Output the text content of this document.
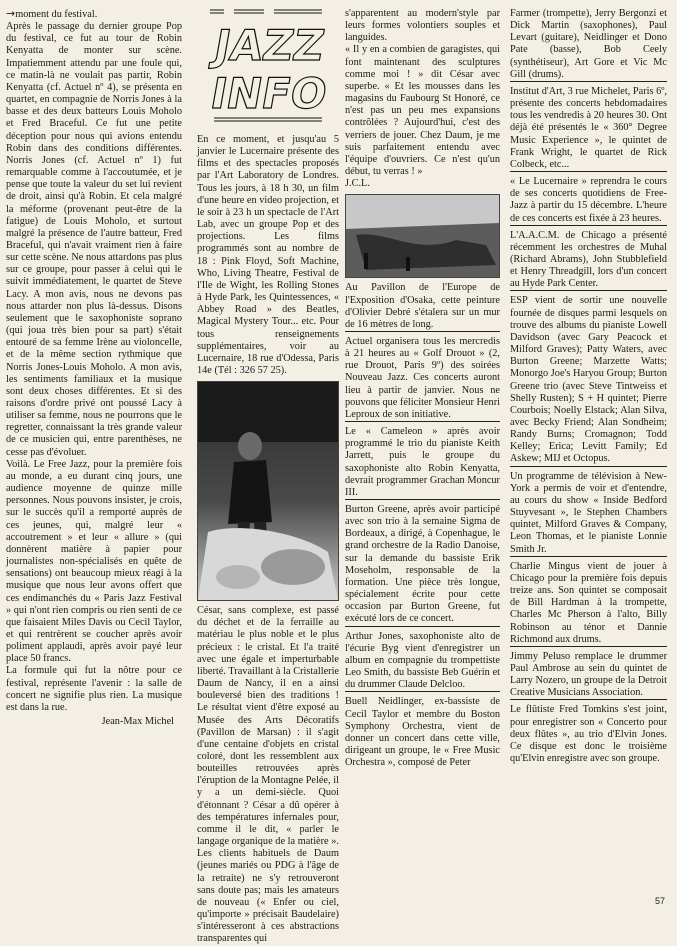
→moment du festival.

Après le passage du dernier groupe Pop du festival, ce fut au tour de Robin Kenyatta de monter sur scène. Impatiemment attendu par une foule qui, ce matin-là ne voulait pas partir, Robin Kenyatta (cf. Actuel nº 4), se présenta en quartet, en compagnie de Norris Jones à la basse et des deux batteurs Louis Moholo et Fred Braceful. Ce fut une petite déception pour nous qui avions entendu Robin dans des conditions différentes. Norris Jones (cf. Actuel nº 1) fut remarquable comme à l'accoutumée, et je pense que toute la valeur du set lui revient de droit, ainsi qu'à Robin. Et cela malgré la méforme (provenant peut-être de la fatigue) de Louis Moholo, et surtout malgré la présence de l'autre batteur, Fred Braceful, qui n'avait vraiment rien à faire sur cette scène. Ne nous attardons pas plus sur ce groupe, pour passer à celui qui le suivit immédiatement, le quartet de Steve Lacy. A mon avis, nous ne devons pas nous attarder non plus là-dessus. Disons seulement que le saxophoniste soprano (qui joua très bien pour sa part) s'était entouré de sa femme Irène au violoncelle, et de la même section rythmique que Norris Jones-Louis Moholo. A mon avis, les sentiments familiaux et la musique sont deux choses différentes. Et si des raisons d'ordre privé ont poussé Lacy à utiliser sa femme, nous ne pourrons que le regretter, connaissant la très grande valeur de ce musicien qui, entre parenthèses, ne cesse pas d'évoluer.

Voilà. Le Free Jazz, pour la première fois au monde, a eu durant cinq jours, une audience moyenne de quinze mille personnes. Nous pouvons insister, je crois, sur le succès qu'il a remporté auprès de ces jeunes, qui, malgré leur « accoutrement » et leur « allure » (qui donnèrent matière à papier pour journalistes non-spécialisés en quête de sensations) ont beaucoup mieux réagi à la musique que nous leur avons offert que ces endimanchés du « Paris Jazz Festival » qui n'ont rien compris ou rien senti de ce que faisaient Miles Davis ou Cecil Taylor, et qui rentrèrent se coucher après avoir poliment applaudi, après avoir payé leur place 50 francs.

La formule qui fut la nôtre pour ce festival, représente l'avenir : la salle de concert ne signifie plus rien. La musique est dans la rue.

Jean-Max Michel

JAZZ
INFO

En ce moment, et jusqu'au 5 janvier le Lucernaire présente des films et des spectacles proposés par l'Art Laboratory de Londres. Tous les jours, à 18 h 30, un film d'une heure en video projection, et le soir à 23 h un spectacle de l'Art Lab, avec un groupe Pop et des projections. Les films programmés sont au nombre de 18 : Pink Floyd, Soft Machine, Who, Living Theatre, Festival de l'Ile de Wight, les Rolling Stones à Hyde Park, les Quintessences, « Abbey Road » des Beatles, Magical Mystery Tour... etc. Pour tous renseignements supplémentaires, voir au Lucernaire, 18 rue d'Odessa, Paris 14e (Tél : 326 57 25).

César, sans complexe, est passé du déchet et de la ferraille au matériau le plus noble et le plus précieux : le cristal. Et l'a traité avec une égale et imperturbable liberté. Travaillant à la Cristallerie Daum de Nancy, il en a ainsi bouleversé bien des traditions ! Le résultat vient d'être exposé au Musée des Arts Décoratifs (Pavillon de Marsan) : il s'agit d'une centaine d'objets en cristal coloré, dont les ressemblent aux bouteilles retrouvées après l'éruption de la Montagne Pelée, il y a un demi-siècle. Quoi d'étonnant ? César a dû opérer à des températures infernales pour, comme il le dit, « parler le langage organique de la matière ». Les clients habituels de Daum (jeunes mariés ou PDG à l'âge de la retraite) ne s'y retrouveront sans doute pas; mais les amateurs de nouveau (« Enfer ou ciel, qu'importe » précisait Baudelaire) s'intéresseront à ces abstractions transparentes qui

s'apparentent au modern'style par leurs formes volontiers souples et languides.

« Il y en a combien de garagistes, qui font maintenant des sculptures comme moi ! » dit César avec superbe. « Et les mousses dans les magasins du Faubourg St Honoré, ce n'est pas un peu mes expansions contrôlées ? Aujourd'hui, c'est des verriers de jouer. Chez Daum, je me suis parfaitement entendu avec l'équipe d'ouvriers. Ce n'est qu'un début, tu verras ! »

J.C.L.

Au Pavillon de l'Europe de l'Exposition d'Osaka, cette peinture d'Olivier Debré s'étalera sur un mur de 16 mètres de long.

Actuel organisera tous les mercredis à 21 heures au « Golf Drouot » (2, rue Drouot, Paris 9º) des soirées Nouveau Jazz. Ces concerts auront lieu à partir de janvier. Nous ne pouvons que féliciter Monsieur Henri Leproux de son initiative.

Le « Cameleon » après avoir programmé le trio du pianiste Keith Jarrett, puis le groupe du saxophoniste alto Robin Kenyatta, devrait programmer Grachan Moncur III.

Burton Greene, après avoir participé avec son trio à la semaine Sigma de Bordeaux, a dirigé, à Copenhague, le grand orchestre de la Radio Danoise, sur la demande du bassiste Erik Moseholm, responsable de la formation. Une pièce très longue, spécialement écrite pour cette occasion par Burton Greene, fut exécuté lors de ce concert.

Arthur Jones, saxophoniste alto de l'écurie Byg vient d'enregistrer un album en compagnie du trompettiste Leo Smith, du bassiste Beb Guérin et du drummer Claude Delcloo.

Buell Neidlinger, ex-bassiste de Cecil Taylor et membre du Boston Symphony Orchestra, vient de donner un concert dans cette ville, dirigeant un groupe, le « Free Music Orchestra », composé de Peter

Farmer (trompette), Jerry Bergonzi et Dick Martin (saxophones), Paul Levart (guitare), Neidlinger et Dono Pate (basse), Bob Ceely (synthétiseur), Art Gore et Vic Mc Gill (drums).

Institut d'Art, 3 rue Michelet, Paris 6º, présente des concerts hebdomadaires tous les vendredis à 20 heures 30. Ont déjà été présentés le « 360° Degree Music Experience », le quintet de Frank Wright, le quartet de Rick Colbeck, etc...

« Le Lucernaire » reprendra le cours de ses concerts quotidiens de Free-Jazz à partir du 15 décembre. L'heure de ces concerts est fixée à 23 heures.

L'A.A.C.M. de Chicago a présenté récemment les orchestres de Muhal (Richard Abrams), John Stubblefield et Henry Threadgill, lors d'un concert au Hyde Park Center.

ESP vient de sortir une nouvelle fournée de disques parmi lesquels on trouve des albums du pianiste Lowell Davidson (avec Gary Peacock et Milford Graves); Patty Waters, avec Burton Greene; Marzette Watts; Monorgo Joe's Haryou Group; Burton Greene trio (avec Steve Tintweiss et Shelly Rusten); S + H quintet; Pierre Courbois; Noelly Elstack; Alan Silva, avec Becky Friend; Alan Sondheim; Randy Burns; Cromagnon; Todd Kelley; Erica; Levitt Family; Ed Askew; MIJ et Octopus.

Un programme de télévision à New-York a permis de voir et d'entendre, au cours du show « Inside Bedford Stuyvesant », le Stephen Chambers quintet, Milford Graves & Company, Leon Thomas, et le pianiste Lonnie Smith Jr.

Charlie Mingus vient de jouer à Chicago pour la première fois depuis treize ans. Son quintet se composait de Bill Hardman à la trompette, Charles Mc Pherson à l'alto, Billy Robinson au ténor et Dannie Richmond aux drums.

Jimmy Peluso remplace le drummer Paul Ambrose au sein du quintet de Larry Nozero, un groupe de la Detroit Creative Musicians Association.

Le flûtiste Fred Tomkins s'est joint, pour enregistrer son « Concerto pour deux flûtes », au trio d'Elvin Jones. Ce disque est donc le troisième qu'Elvin enregistre avec son groupe.

57
